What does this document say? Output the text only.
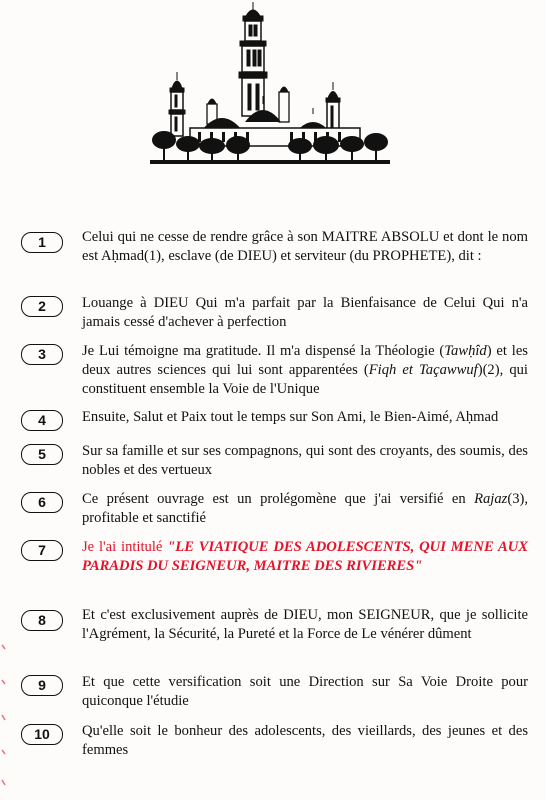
1	Celui qui ne cesse de rendre grâce à son MAITRE ABSOLU et dont le nom est Aḥmad(1), esclave (de DIEU) et serviteur (du PROPHETE), dit :
2	Louange à DIEU Qui m'a parfait par la Bienfaisance de Celui Qui n'a jamais cessé d'achever à perfection
3	Je Lui témoigne ma gratitude. Il m'a dispensé la Théologie (Tawḥîd) et les deux autres sciences qui lui sont apparentées (Fiqh et Taçawwuf)(2), qui constituent ensemble la Voie de l'Unique
4	Ensuite, Salut et Paix tout le temps sur Son Ami, le Bien-Aimé, Aḥmad
5	Sur sa famille et sur ses compagnons, qui sont des croyants, des soumis, des nobles et des vertueux
6	Ce présent ouvrage est un prolégomène que j'ai versifié en Rajaz(3), profitable et sanctifié
7	Je l'ai intitulé "LE VIATIQUE DES ADOLESCENTS, QUI MENE AUX PARADIS DU SEIGNEUR, MAITRE DES RIVIERES"
8	Et c'est exclusivement auprès de DIEU, mon SEIGNEUR, que je sollicite l'Agrément, la Sécurité, la Pureté et la Force de Le vénérer dûment
9	Et que cette versification soit une Direction sur Sa Voie Droite pour quiconque l'étudie
10	Qu'elle soit le bonheur des adolescents, des vieillards, des jeunes et des femmes
